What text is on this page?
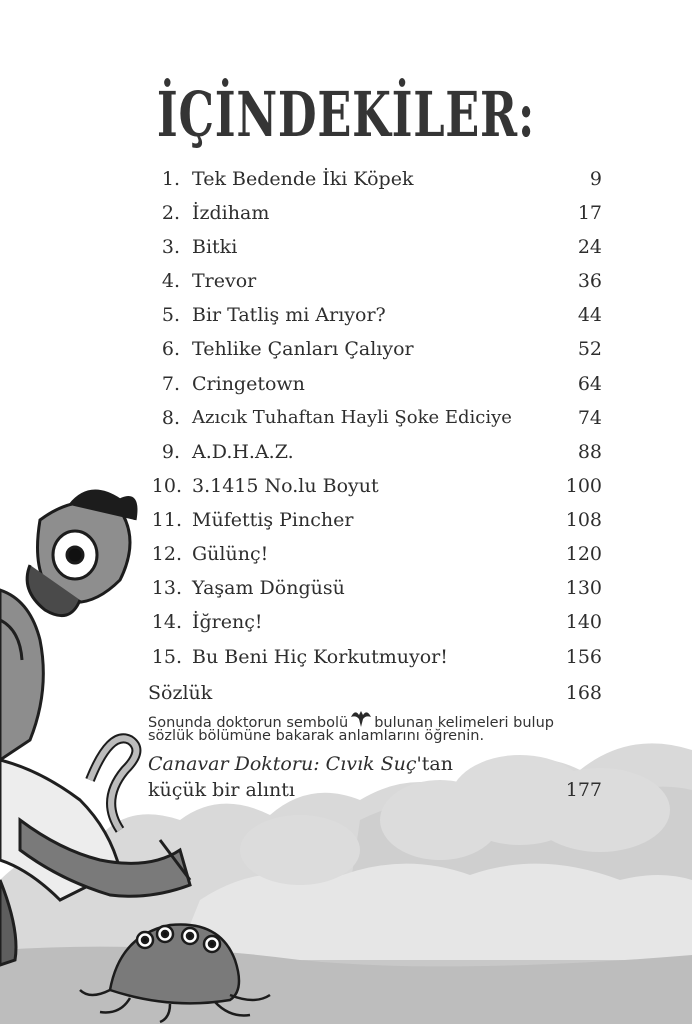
İÇİNDEKİLER:
1. Tek Bedende İki Köpek	9
2. İzdiham	17
3. Bitki	24
4. Trevor	36
5. Bir Tatliş mi Arıyor?	44
6. Tehlike Çanları Çalıyor	52
7. Cringetown	64
8. Azıcık Tuhaftan Hayli Şoke Ediciye	74
9. A.D.H.A.Z.	88
10. 3.1415 No.lu Boyut	100
11. Müfettiş Pincher	108
12. Gülünç!	120
13. Yaşam Döngüsü	130
14. İğrenç!	140
15. Bu Beni Hiç Korkutmuyor!	156
Sözlük	168
Sonunda doktorun sembolü bulunan kelimeleri bulup
sözlük bölümüne bakarak anlamlarını öğrenin.
Canavar Doktoru: Cıvık Suç'tan
küçük bir alıntı	177
